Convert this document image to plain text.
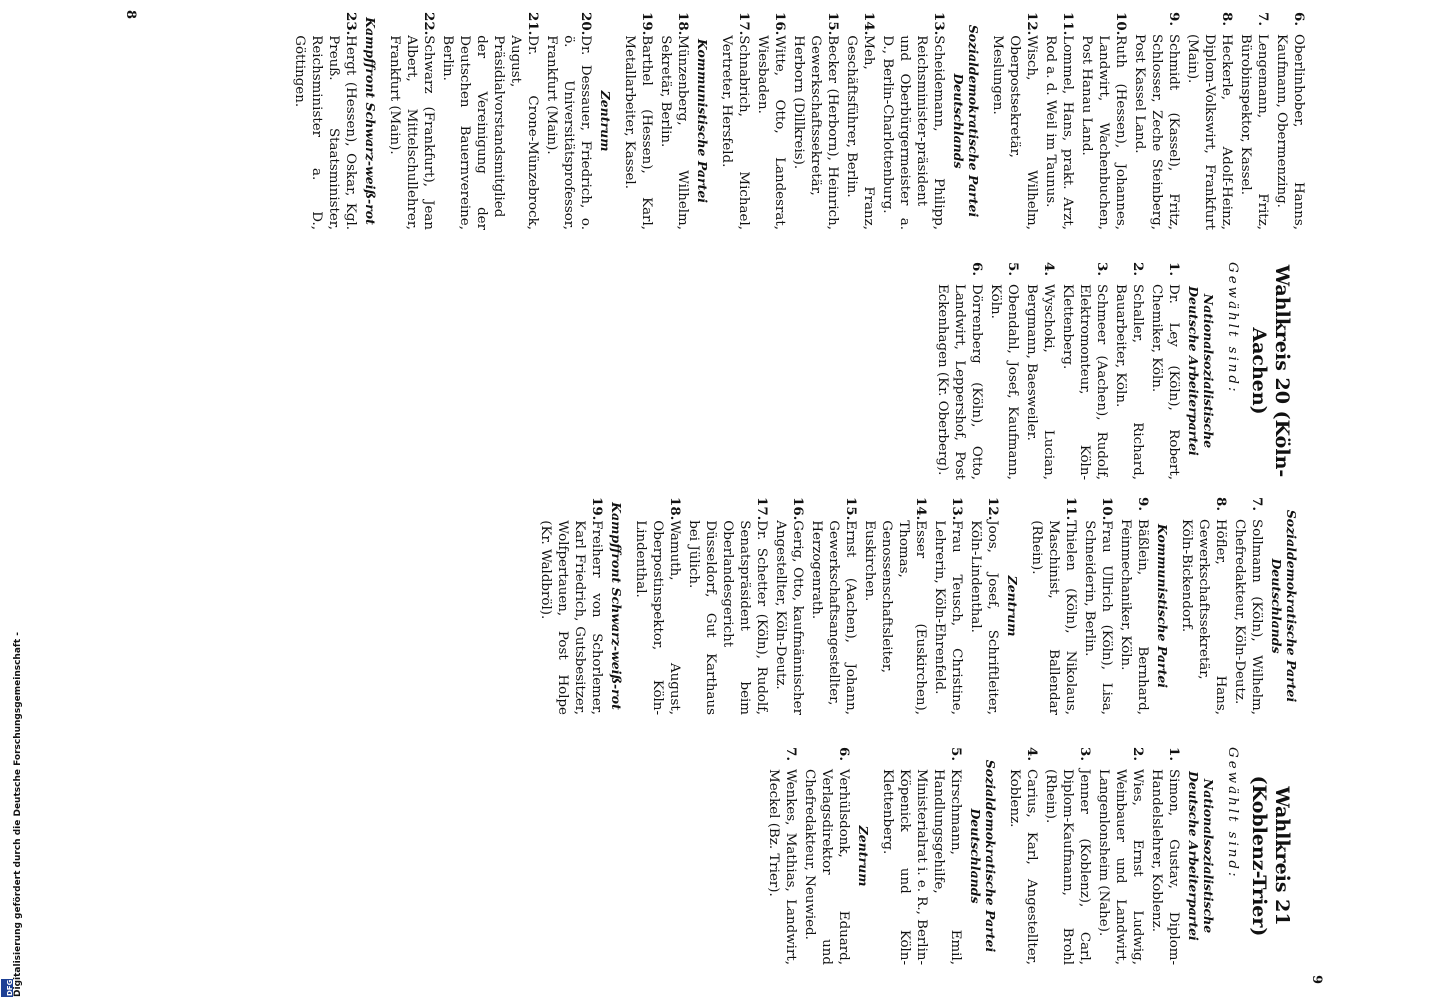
DFG Digitalisierung gefördert durch die Deutsche Forschungsgemeinschaft -
6.
Oberlinhober, Hanns, Kaufmann, Obermenzing.
7.
Lengemann, Fritz, Bürobinspektor, Kassel.
8.
Heckerle, Adolf-Heinz, Diplom-Volkswirt, Frankfurt (Main).
9.
Schmidt (Kassel), Fritz, Schlosser, Zeche Steinberg, Post Kassel Land.
10.
Ruth (Hessen), Johannes, Landwirt, Wachenbuchen, Post Hanau Land.
11.
Lommel, Hans, prakt. Arzt, Rod a. d. Weil im Taunus.
12.
Wisch, Wilhelm, Oberpostsekretär, Meslungen.
Sozialdemokratische Partei Deutschlands
13.
Scheidemann, Philipp, Reichsminister-präsident und Oberbürgermeister a. D., Berlin-Charlottenburg.
14.
Meh, Franz, Geschäftsführer, Berlin.
15.
Becker (Herborn), Heinrich, Gewerkschaftssekretär, Herborn (Dillkreis).
16.
Witte, Otto, Landesrat, Wiesbaden.
17.
Schnabrich, Michael, Vertreter, Hersfeld.
Kommunistische Partei
18.
Münzenberg, Wilhelm, Sekretär, Berlin.
19.
Barthel (Hessen), Karl, Metallarbeiter, Kassel.
Zentrum
20.
Dr. Dessauer, Friedrich, o. ö. Universitätsprofessor, Frankfurt (Main).
21.
Dr. Crone-Münzebrock, August, Präsidialvorstandsmitglied der Vereinigung der Deutschen Bauernvereine, Berlin.
22.
Schwarz (Frankfurt), Jean Albert, Mittelschullehrer, Frankfurt (Main).
Kampffront Schwarz-weiß-rot
23.
Hergt (Hessen), Oskar, Kgl. Preuß. Staatsminister, Reichsminister a. D., Göttingen.
Wahlkreis 20 (Köln-Aachen)
Gewählt sind:
Nationalsozialistische Deutsche Arbeiterpartei
1.
Dr. Ley (Köln), Robert, Chemiker, Köln.
2.
Schaller, Richard, Bauarbeiter, Köln.
3.
Schmeer (Aachen), Rudolf, Elektromonteur, Köln-Klettenberg.
4.
Wyschoki, Lucian, Bergmann, Baesweiler.
5.
Obendahl, Josef, Kaufmann, Köln.
6.
Dörrenberg (Köln), Otto, Landwirt, Leppershof, Post Eckenhagen (Kr. Oberberg).
8
9
Sozialdemokratische Partei Deutschlands
7.
Sollmann (Köln), Wilhelm, Chefredakteur, Köln-Deutz.
8.
Höfler, Hans, Gewerkschaftssekretär, Köln-Bickendorf.
Kommunistische Partei
9.
Bäßlein, Bernhard, Feinmechaniker, Köln.
10.
Frau Ullrich (Köln), Lisa, Schneiderin, Berlin.
11.
Thielen (Köln), Nikolaus, Maschinist, Ballendar (Rhein).
Zentrum
12.
Joos, Josef, Schriftleiter, Köln-Lindenthal.
13.
Frau Teusch, Christine, Lehrerin, Köln-Ehrenfeld.
14.
Esser (Euskirchen), Thomas, Genossenschaftsleiter, Euskirchen.
15.
Ernst (Aachen), Johann, Gewerkschaftsangestellter, Herzogenrath.
16.
Gerig, Otto, kaufmännischer Angestellter, Köln-Deutz.
17.
Dr. Schetter (Köln), Rudolf, Senatspräsident beim Oberlandesgericht Düsseldorf, Gut Karthaus bei Jülich.
18.
Wamuth, August, Oberpostinspektor, Köln-Lindenthal.
Kampffront Schwarz-weiß-rot
19.
Freiherr von Schorlemer, Karl Friedrich, Gutsbesitzer, Wolfpertauen, Post Holpe (Kr. Waldbröl).
Wahlkreis 21 (Koblenz-Trier)
Gewählt sind:
Nationalsozialistische Deutsche Arbeiterpartei
1.
Simon, Gustav, Diplom-Handelslehrer, Koblenz.
2.
Wies, Ernst Ludwig, Weinbauer und Landwirt, Langenlonsheim (Nahe).
3.
Jenner (Koblenz), Carl, Diplom-Kaufmann, Brohl (Rhein).
4.
Carius, Karl, Angestellter, Koblenz.
Sozialdemokratische Partei Deutschlands
5.
Kirschmann, Emil, Handlungsgehilfe, Ministerialrat i. e. R., Berlin-Köpenick und Köln-Klettenberg.
Zentrum
6.
Verhülsdonk, Eduard, Verlagsdirektor und Chefredakteur, Neuwied.
7.
Wenkes, Mathias, Landwirt, Meckel (Bz. Trier).
